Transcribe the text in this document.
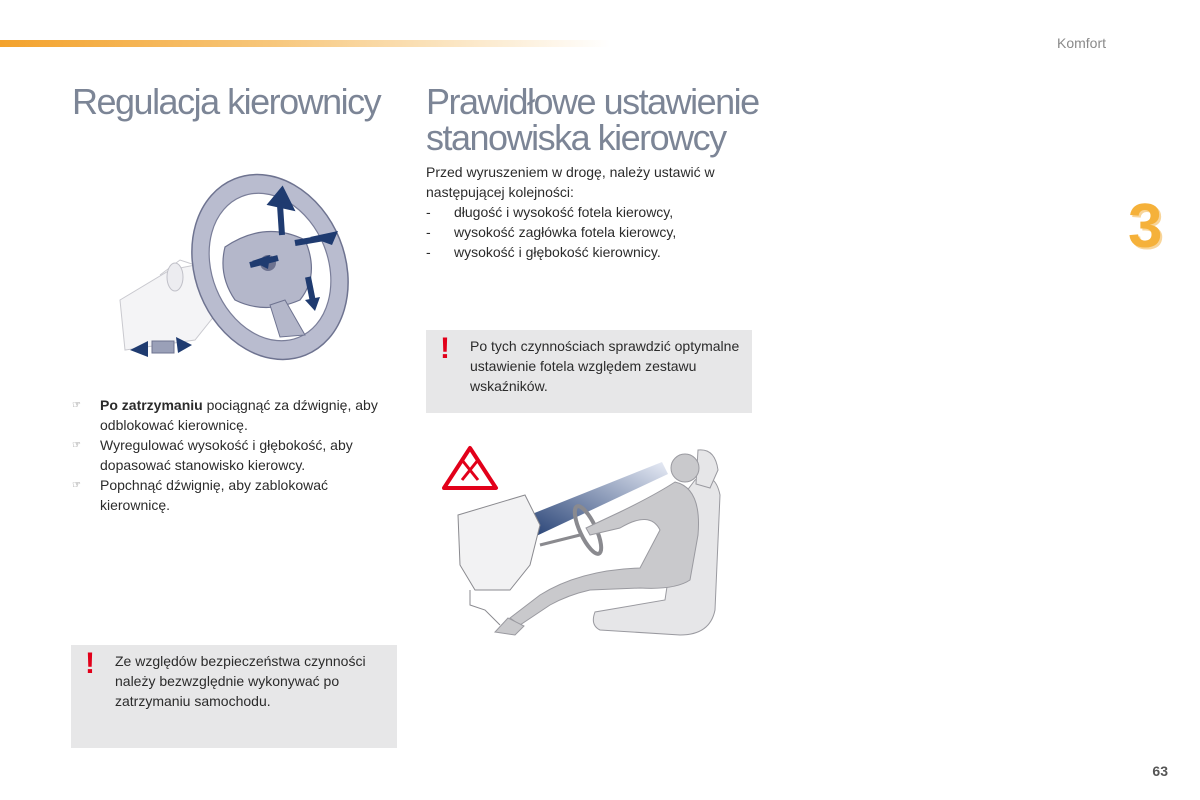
Komfort
3
63
Regulacja kierownicy
☞ Po zatrzymaniu pociągnąć za dźwignię, aby odblokować kierownicę.
☞ Wyregulować wysokość i głębokość, aby dopasować stanowisko kierowcy.
☞ Popchnąć dźwignię, aby zablokować kierownicę.
! Ze względów bezpieczeństwa czynności należy bezwzględnie wykonywać po zatrzymaniu samochodu.
Prawidłowe ustawienie
stanowiska kierowcy

Przed wyruszeniem w drogę, należy ustawić w następującej kolejności:

- długość i wysokość fotela kierowcy,
- wysokość zagłówka fotela kierowcy,
- wysokość i głębokość kierownicy.
! Po tych czynnościach sprawdzić optymalne ustawienie fotela względem zestawu wskaźników.
